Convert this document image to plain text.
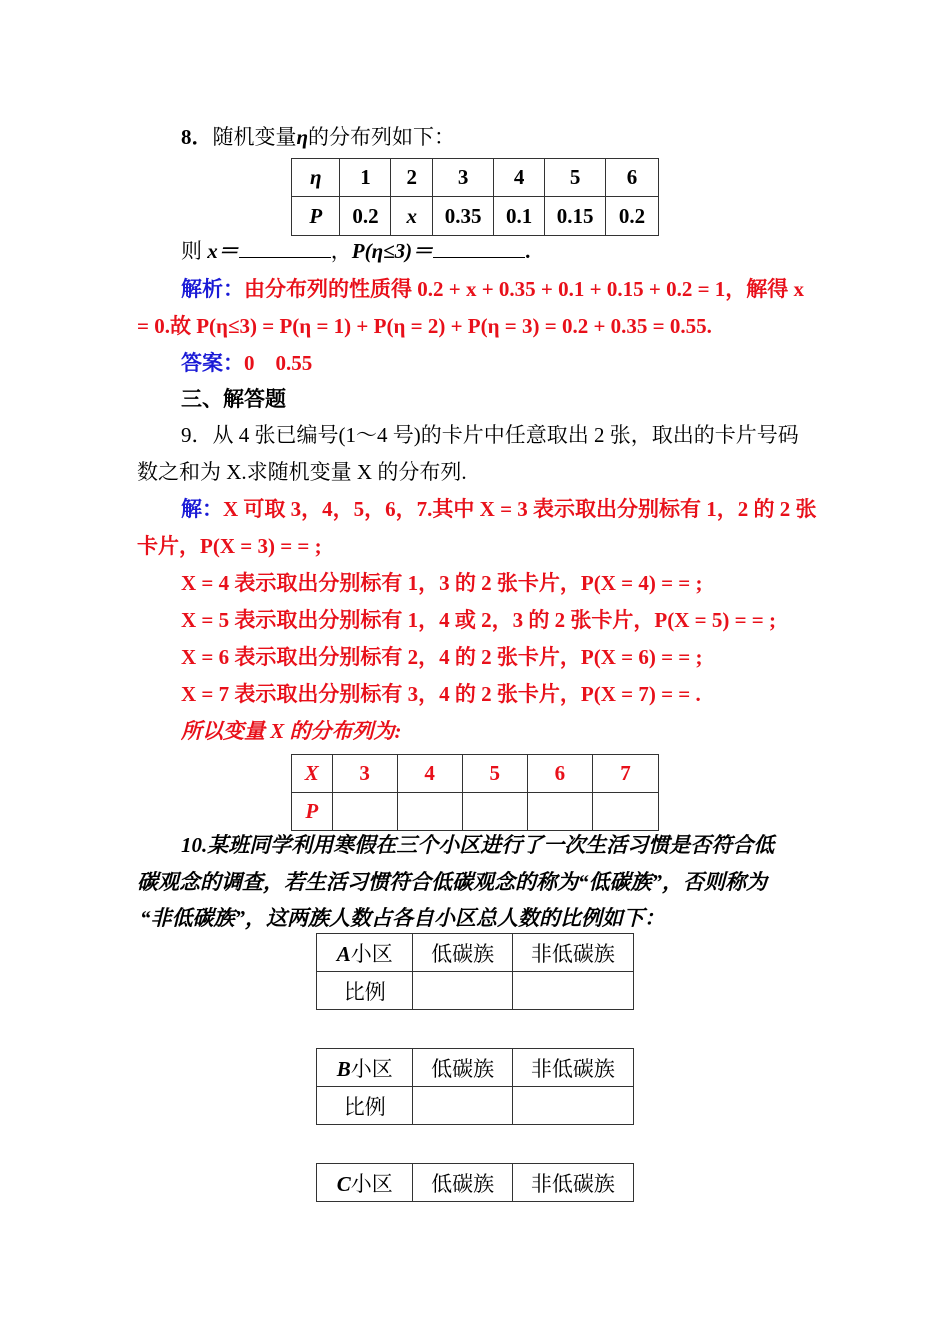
8．随机变量η的分布列如下：
η	1	2	3	4	5	6
P	0.2	x	0.35	0.1	0.15	0.2
则 x＝	，P(η≤3)＝	.
解析：由分布列的性质得 0.2 + x + 0.35 + 0.1 + 0.15 + 0.2 = 1，解得 x
= 0.故 P(η≤3) = P(η = 1) + P(η = 2) + P(η = 3) = 0.2 + 0.35 = 0.55.
答案：0　0.55
三、解答题
9．从 4 张已编号(1～4 号)的卡片中任意取出 2 张，取出的卡片号码
数之和为 X.求随机变量 X 的分布列.
解：X 可取 3，4，5，6，7.其中 X = 3 表示取出分别标有 1，2 的 2 张
卡片，P(X = 3) = = ;
X = 4 表示取出分别标有 1，3 的 2 张卡片，P(X = 4) = = ;
X = 5 表示取出分别标有 1，4 或 2，3 的 2 张卡片，P(X = 5) = = ;
X = 6 表示取出分别标有 2，4 的 2 张卡片，P(X = 6) = = ;
X = 7 表示取出分别标有 3，4 的 2 张卡片，P(X = 7) = = .
所以变量 X 的分布列为:
X	3	4	5	6	7
P					
10.某班同学利用寒假在三个小区进行了一次生活习惯是否符合低
碳观念的调查，若生活习惯符合低碳观念的称为“低碳族”，否则称为
“非低碳族”，这两族人数占各自小区总人数的比例如下：
A小区	低碳族	非低碳族
比例		
B小区	低碳族	非低碳族
比例		
C小区	低碳族	非低碳族
